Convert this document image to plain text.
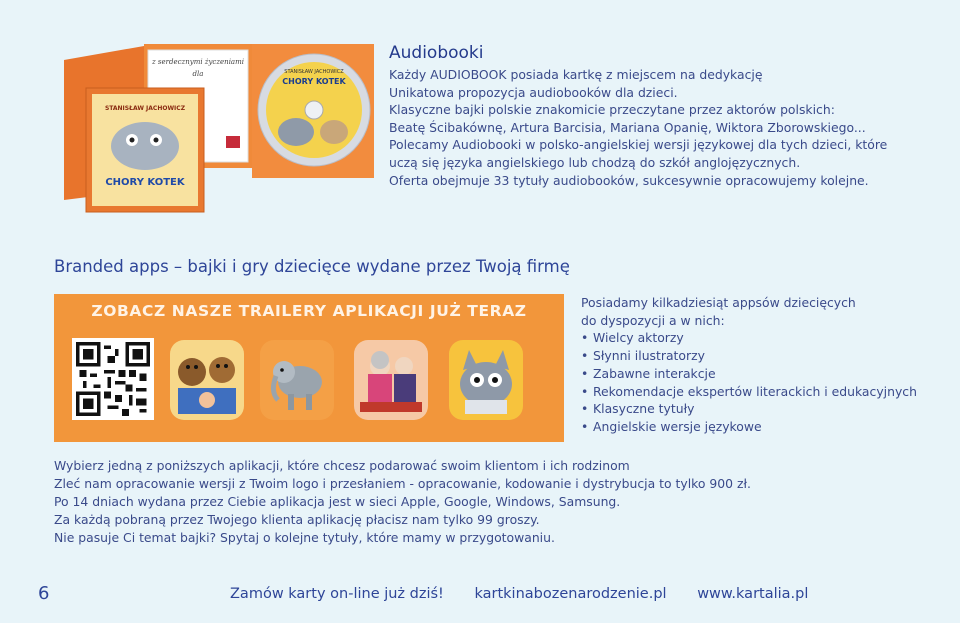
z serdecznymi życzeniami
dla	STANISŁAW JACHOWICZ
CHORY KOTEK
STANISŁAW JACHOWICZ
CHORY KOTEK
Audiobooki

Każdy AUDIOBOOK posiada kartkę z miejscem na dedykację

Unikatowa propozycja audiobooków dla dzieci.

Klasyczne bajki polskie znakomicie przeczytane przez aktorów polskich:

Beatę Ścibakównę, Artura Barcisia, Mariana Opanię, Wiktora Zborowskiego...

Polecamy Audiobooki w polsko-angielskiej wersji językowej dla tych dzieci, które

uczą się języka angielskiego lub chodzą do szkół anglojęzycznych.

Oferta obejmuje 33 tytuły audiobooków, sukcesywnie opracowujemy kolejne.

Branded apps – bajki i gry dziecięce wydane przez Twoją firmę
ZOBACZ NASZE TRAILERY APLIKACJI JUŻ TERAZ	Posiadamy kilkadziesiąt appsów dziecięcych

do dyspozycji a w nich:

• Wielcy aktorzy
• Słynni ilustratorzy
• Zabawne interakcje
• Rekomendacje ekspertów literackich i edukacyjnych
• Klasyczne tytuły
• Angielskie wersje językowe

Wybierz jedną z poniższych aplikacji, które chcesz podarować swoim klientom i ich rodzinom

Zleć nam opracowanie wersji z Twoim logo i przesłaniem - opracowanie, kodowanie i dystrybucja to tylko 900 zł.

Po 14 dniach wydana przez Ciebie aplikacja jest w sieci Apple, Google, Windows, Samsung.

Za każdą pobraną przez Twojego klienta aplikację płacisz nam tylko 99 groszy.

Nie pasuje Ci temat bajki? Spytaj o kolejne tytuły, które mamy w przygotowaniu.

6	Zamów karty on-line już dziś! kartkinabozenarodzenie.pl www.kartalia.pl
